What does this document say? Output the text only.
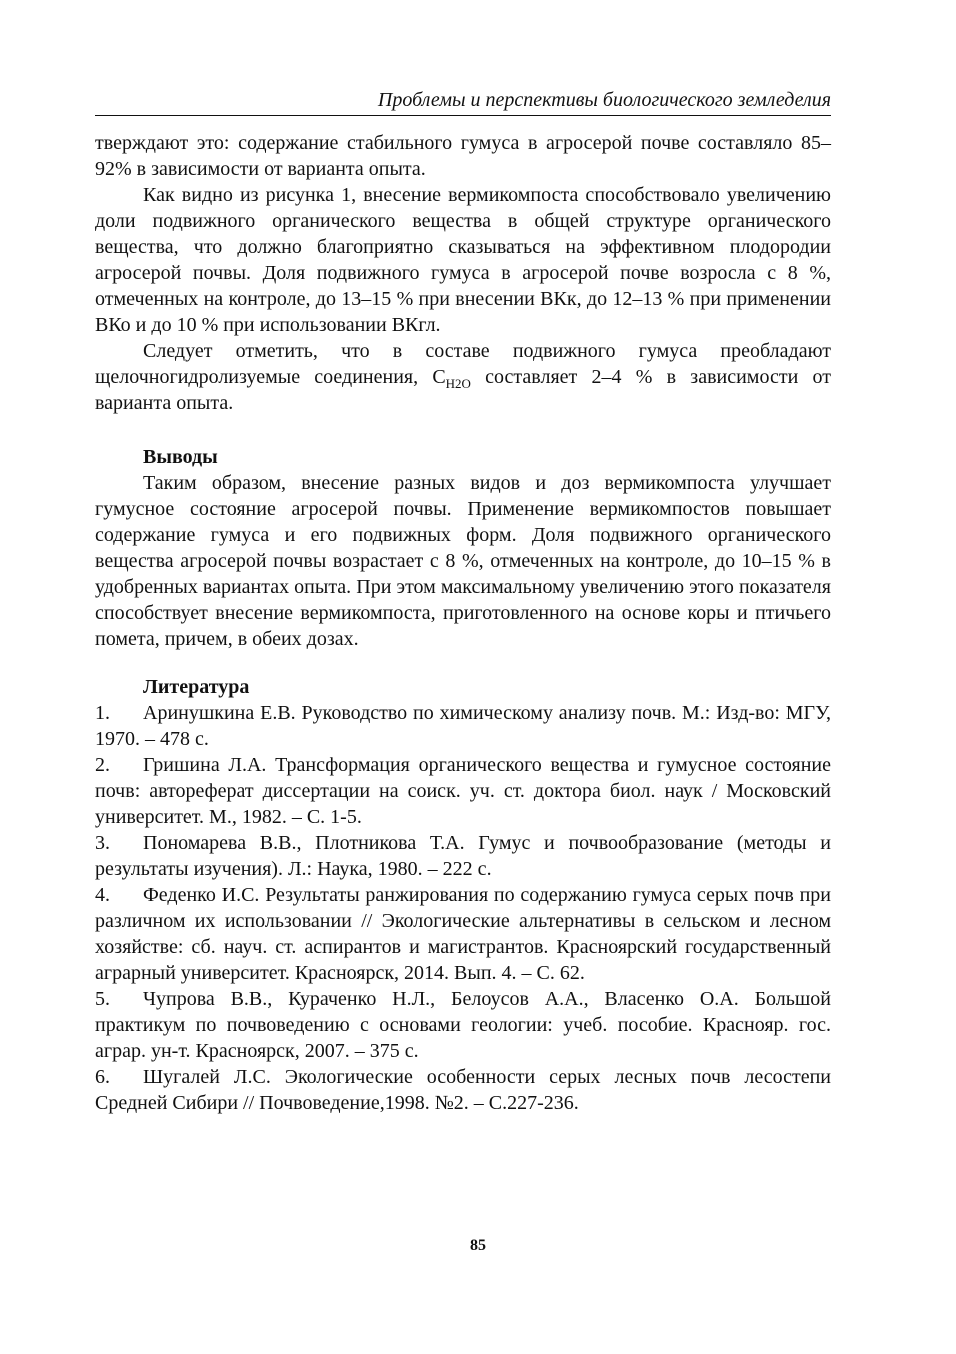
Проблемы и перспективы биологического земледелия

тверждают это: содержание стабильного гумуса в агросерой почве составляло 85–92% в зависимости от варианта опыта.

Как видно из рисунка 1, внесение вермикомпоста способствовало увеличению доли подвижного органического вещества в общей структуре органического вещества, что должно благоприятно сказываться на эффективном плодородии агросерой почвы. Доля подвижного гумуса в агросерой почве возросла с 8 %, отмеченных на контроле, до 13–15 % при внесении ВКк, до 12–13 % при применении ВКо и до 10 % при использовании ВКгл.

Следует отметить, что в составе подвижного гумуса преобладают щелочногидролизуемые соединения, $C_{H2O}$ составляет 2–4 % в зависимости от варианта опыта.

Выводы

Таким образом, внесение разных видов и доз вермикомпоста улучшает гумусное состояние агросерой почвы. Применение вермикомпостов повышает содержание гумуса и его подвижных форм. Доля подвижного органического вещества агросерой почвы возрастает с 8 %, отмеченных на контроле, до 10–15 % в удобренных вариантах опыта. При этом максимальному увеличению этого показателя способствует внесение вермикомпоста, приготовленного на основе коры и птичьего помета, причем, в обеих дозах.

Литература

1. Аринушкина Е.В. Руководство по химическому анализу почв. М.: Изд-во: МГУ, 1970. – 478 с.

2. Гришина Л.А. Трансформация органического вещества и гумусное состояние почв: автореферат диссертации на соиск. уч. ст. доктора биол. наук / Московский университет. М., 1982. – С. 1-5.

3. Пономарева В.В., Плотникова Т.А. Гумус и почвообразование (методы и результаты изучения). Л.: Наука, 1980. – 222 с.

4. Феденко И.С. Результаты ранжирования по содержанию гумуса серых почв при различном их использовании // Экологические альтернативы в сельском и лесном хозяйстве: сб. науч. ст. аспирантов и магистрантов. Красноярский государственный аграрный университет. Красноярск, 2014. Вып. 4. – С. 62.

5. Чупрова В.В., Кураченко Н.Л., Белоусов А.А., Власенко О.А. Большой практикум по почвоведению с основами геологии: учеб. пособие. Краснояр. гос. аграр. ун-т. Красноярск, 2007. – 375 с.

6. Шугалей Л.С. Экологические особенности серых лесных почв лесостепи Средней Сибири // Почвоведение,1998. №2. – С.227-236.

85
